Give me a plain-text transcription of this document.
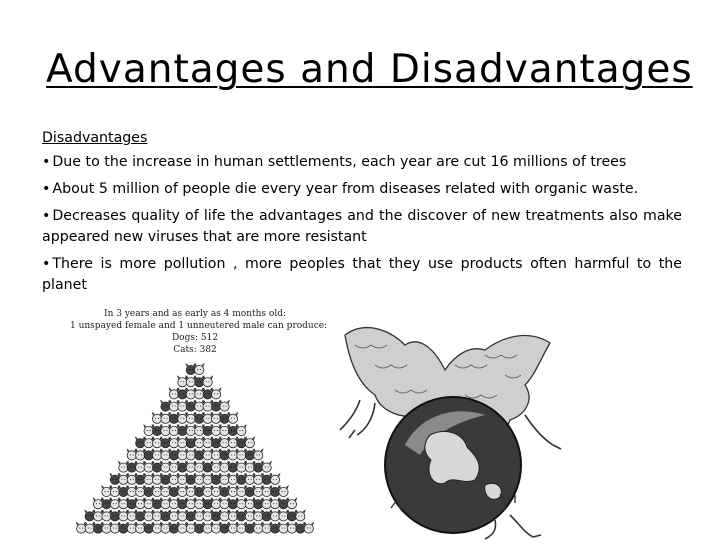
Advantages and Disadvantages
Disadvantages
• Due to the increase in human settlements, each year are cut 16 millions of trees
• About 5 million of people die every year from diseases related with organic waste.
• Decreases quality of life the advantages and the discover of new treatments also make appeared new viruses that are more resistant
• There is more pollution , more peoples that they use products often harmful to the planet
In 3 years and as early as 4 months old:
1 unspayed female and 1 unneutered male can produce:
Dogs: 512
Cats: 382
